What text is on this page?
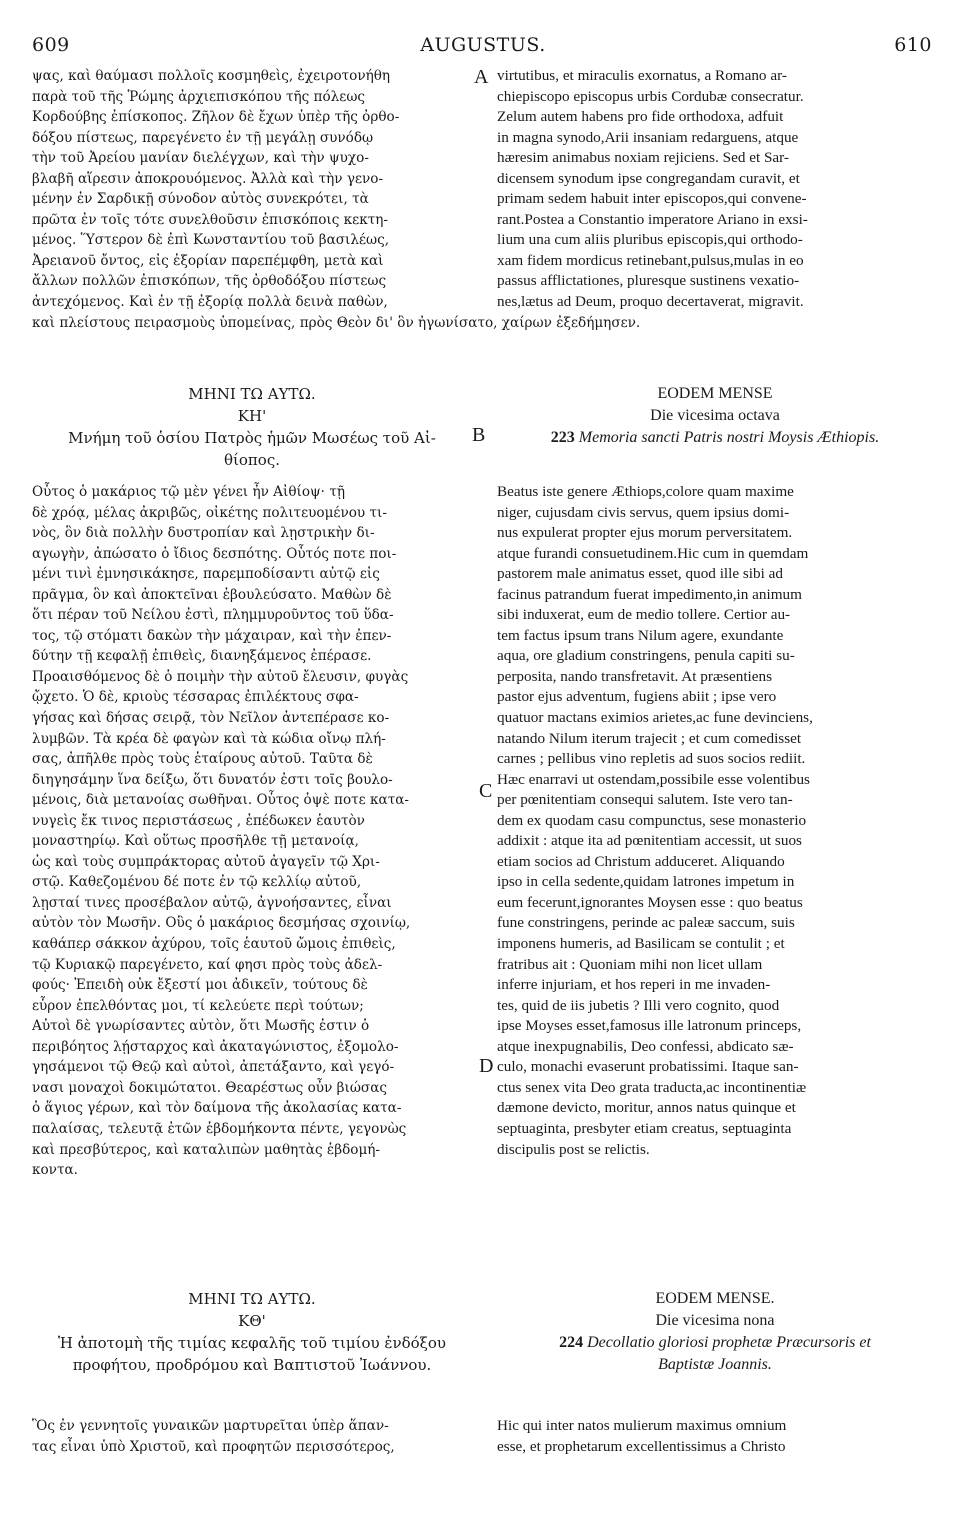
609	AUGUSTUS.	610
A
B
C
D
ψας, καὶ θαύμασι πολλοῖς κοσμηθεὶς, ἐχειροτονήθη
παρὰ τοῦ τῆς Ῥώμης ἀρχιεπισκόπου τῆς πόλεως
Κορδούβης ἐπίσκοπος. Ζῆλον δὲ ἔχων ὑπὲρ τῆς ὀρθο-
δόξου πίστεως, παρεγένετο ἐν τῇ μεγάλῃ συνόδῳ
τὴν τοῦ Ἀρείου μανίαν διελέγχων, καὶ τὴν ψυχο-
βλαβῆ αἵρεσιν ἀποκρουόμενος. Ἀλλὰ καὶ τὴν γενο-
μένην ἐν Σαρδικῇ σύνοδον αὐτὸς συνεκρότει, τὰ
πρῶτα ἐν τοῖς τότε συνελθοῦσιν ἐπισκόποις κεκτη-
μένος. Ὕστερον δὲ ἐπὶ Κωνσταντίου τοῦ βασιλέως,
Ἀρειανοῦ ὄντος, εἰς ἐξορίαν παρεπέμφθη, μετὰ καὶ
ἄλλων πολλῶν ἐπισκόπων, τῆς ὀρθοδόξου πίστεως
ἀντεχόμενος. Καὶ ἐν τῇ ἐξορίᾳ πολλὰ δεινὰ παθὼν,
virtutibus, et miraculis exornatus, a Romano ar-
chiepiscopo episcopus urbis Cordubæ consecratur.
Zelum autem habens pro fide orthodoxa, adfuit
in magna synodo,Arii insaniam redarguens, atque
hæresim animabus noxiam rejiciens. Sed et Sar-
dicensem synodum ipse congregandam curavit, et
primam sedem habuit inter episcopos,qui convene-
rant.Postea a Constantio imperatore Ariano in exsi-
lium una cum aliis pluribus episcopis,qui orthodo-
xam fidem mordicus retinebant,pulsus,mulas in eo
passus afflictationes, pluresque sustinens vexatio-
nes,lætus ad Deum, proquo decertaverat, migravit.
καὶ πλείστους πειρασμοὺς ὑπομείνας, πρὸς Θεὸν δι' ὃν ἠγωνίσατο, χαίρων ἐξεδήμησεν.
ΜΗΝΙ ΤΩ ΑΥΤΩ.
ΚΗ'
Μνήμη τοῦ ὁσίου Πατρὸς ἡμῶν Μωσέως τοῦ Αἰ-
θίοπος.
EODEM MENSE
Die vicesima octava
223 Memoria sancti Patris nostri Moysis Æthiopis.
Οὗτος ὁ μακάριος τῷ μὲν γένει ἦν Αἰθίοψ· τῇ
δὲ χρόᾳ, μέλας ἀκριβῶς, οἰκέτης πολιτευομένου τι-
νὸς, ὃν διὰ πολλὴν δυστροπίαν καὶ λῃστρικὴν δι-
αγωγὴν, ἀπώσατο ὁ ἴδιος δεσπότης. Οὗτός ποτε ποι-
μένι τινὶ ἐμνησικάκησε, παρεμποδίσαντι αὐτῷ εἰς
πρᾶγμα, ὃν καὶ ἀποκτεῖναι ἐβουλεύσατο. Μαθὼν δὲ
ὅτι πέραν τοῦ Νείλου ἐστὶ, πλημμυροῦντος τοῦ ὕδα-
τος, τῷ στόματι δακὼν τὴν μάχαιραν, καὶ τὴν ἐπεν-
δύτην τῇ κεφαλῇ ἐπιθεὶς, διανηξάμενος ἐπέρασε.
Προαισθόμενος δὲ ὁ ποιμὴν τὴν αὐτοῦ ἔλευσιν, φυγὰς
ᾤχετο. Ὁ δὲ, κριοὺς τέσσαρας ἐπιλέκτους σφα-
γήσας καὶ δήσας σειρᾷ, τὸν Νεῖλον ἀντεπέρασε κο-
λυμβῶν. Τὰ κρέα δὲ φαγὼν καὶ τὰ κώδια οἴνῳ πλή-
σας, ἀπῆλθε πρὸς τοὺς ἑταίρους αὐτοῦ. Ταῦτα δὲ
διηγησάμην ἵνα δείξω, ὅτι δυνατόν ἐστι τοῖς βουλο-
μένοις, διὰ μετανοίας σωθῆναι. Οὗτος ὀψὲ ποτε κατα-
νυγεὶς ἔκ τινος περιστάσεως , ἐπέδωκεν ἑαυτὸν
μοναστηρίῳ. Καὶ οὕτως προσῆλθε τῇ μετανοίᾳ,
ὡς καὶ τοὺς συμπράκτορας αὐτοῦ ἀγαγεῖν τῷ Χρι-
στῷ. Καθεζομένου δέ ποτε ἐν τῷ κελλίῳ αὐτοῦ,
λῃσταί τινες προσέβαλον αὐτῷ, ἀγνοήσαντες, εἶναι
αὐτὸν τὸν Μωσῆν. Οὓς ὁ μακάριος δεσμήσας σχοινίῳ,
καθάπερ σάκκον ἀχύρου, τοῖς ἑαυτοῦ ὤμοις ἐπιθεὶς,
τῷ Κυριακῷ παρεγένετο, καί φησι πρὸς τοὺς ἀδελ-
φούς· Ἐπειδὴ οὐκ ἔξεστί μοι ἀδικεῖν, τούτους δὲ
εὗρον ἐπελθόντας μοι, τί κελεύετε περὶ τούτων;
Αὐτοὶ δὲ γνωρίσαντες αὐτὸν, ὅτι Μωσῆς ἐστιν ὁ
περιβόητος λῄσταρχος καὶ ἀκαταγώνιστος, ἐξομολο-
γησάμενοι τῷ Θεῷ καὶ αὐτοὶ, ἀπετάξαντο, καὶ γεγό-
νασι μοναχοὶ δοκιμώτατοι. Θεαρέστως οὖν βιώσας
ὁ ἅγιος γέρων, καὶ τὸν δαίμονα τῆς ἀκολασίας κατα-
παλαίσας, τελευτᾷ ἐτῶν ἑβδομήκοντα πέντε, γεγονὼς
καὶ πρεσβύτερος, καὶ καταλιπὼν μαθητὰς ἑβδομή-
κοντα.
Beatus iste genere Æthiops,colore quam maxime
niger, cujusdam civis servus, quem ipsius domi-
nus expulerat propter ejus morum perversitatem.
atque furandi consuetudinem.Hic cum in quemdam
pastorem male animatus esset, quod ille sibi ad
facinus patrandum fuerat impedimento,in animum
sibi induxerat, eum de medio tollere. Certior au-
tem factus ipsum trans Nilum agere, exundante
aqua, ore gladium constringens, penula capiti su-
perposita, nando transfretavit. At præsentiens
pastor ejus adventum, fugiens abiit ; ipse vero
quatuor mactans eximios arietes,ac fune devinciens,
natando Nilum iterum trajecit ; et cum comedisset
carnes ; pellibus vino repletis ad suos socios rediit.
Hæc enarravi ut ostendam,possibile esse volentibus
per pœnitentiam consequi salutem. Iste vero tan-
dem ex quodam casu compunctus, sese monasterio
addixit : atque ita ad pœnitentiam accessit, ut suos
etiam socios ad Christum adduceret. Aliquando
ipso in cella sedente,quidam latrones impetum in
eum fecerunt,ignorantes Moysen esse : quo beatus
fune constringens, perinde ac paleæ saccum, suis
imponens humeris, ad Basilicam se contulit ; et
fratribus ait : Quoniam mihi non licet ullam
inferre injuriam, et hos reperi in me invaden-
tes, quid de iis jubetis ? Illi vero cognito, quod
ipse Moyses esset,famosus ille latronum princeps,
atque inexpugnabilis, Deo confessi, abdicato sæ-
culo, monachi evaserunt probatissimi. Itaque san-
ctus senex vita Deo grata traducta,ac incontinentiæ
dæmone devicto, moritur, annos natus quinque et
septuaginta, presbyter etiam creatus, septuaginta
discipulis post se relictis.
ΜΗΝΙ ΤΩ ΑΥΤΩ.
ΚΘ'
Ἡ ἀποτομὴ τῆς τιμίας κεφαλῆς τοῦ τιμίου ἐνδόξου
προφήτου, προδρόμου καὶ Βαπτιστοῦ Ἰωάννου.
EODEM MENSE.
Die vicesima nona
224 Decollatio gloriosi prophetæ Præcursoris et
Baptistæ Joannis.
Ὃς ἐν γεννητοῖς γυναικῶν μαρτυρεῖται ὑπὲρ ἅπαν-
τας εἶναι ὑπὸ Χριστοῦ, καὶ προφητῶν περισσότερος,
Hic qui inter natos mulierum maximus omnium
esse, et prophetarum excellentissimus a Christo
